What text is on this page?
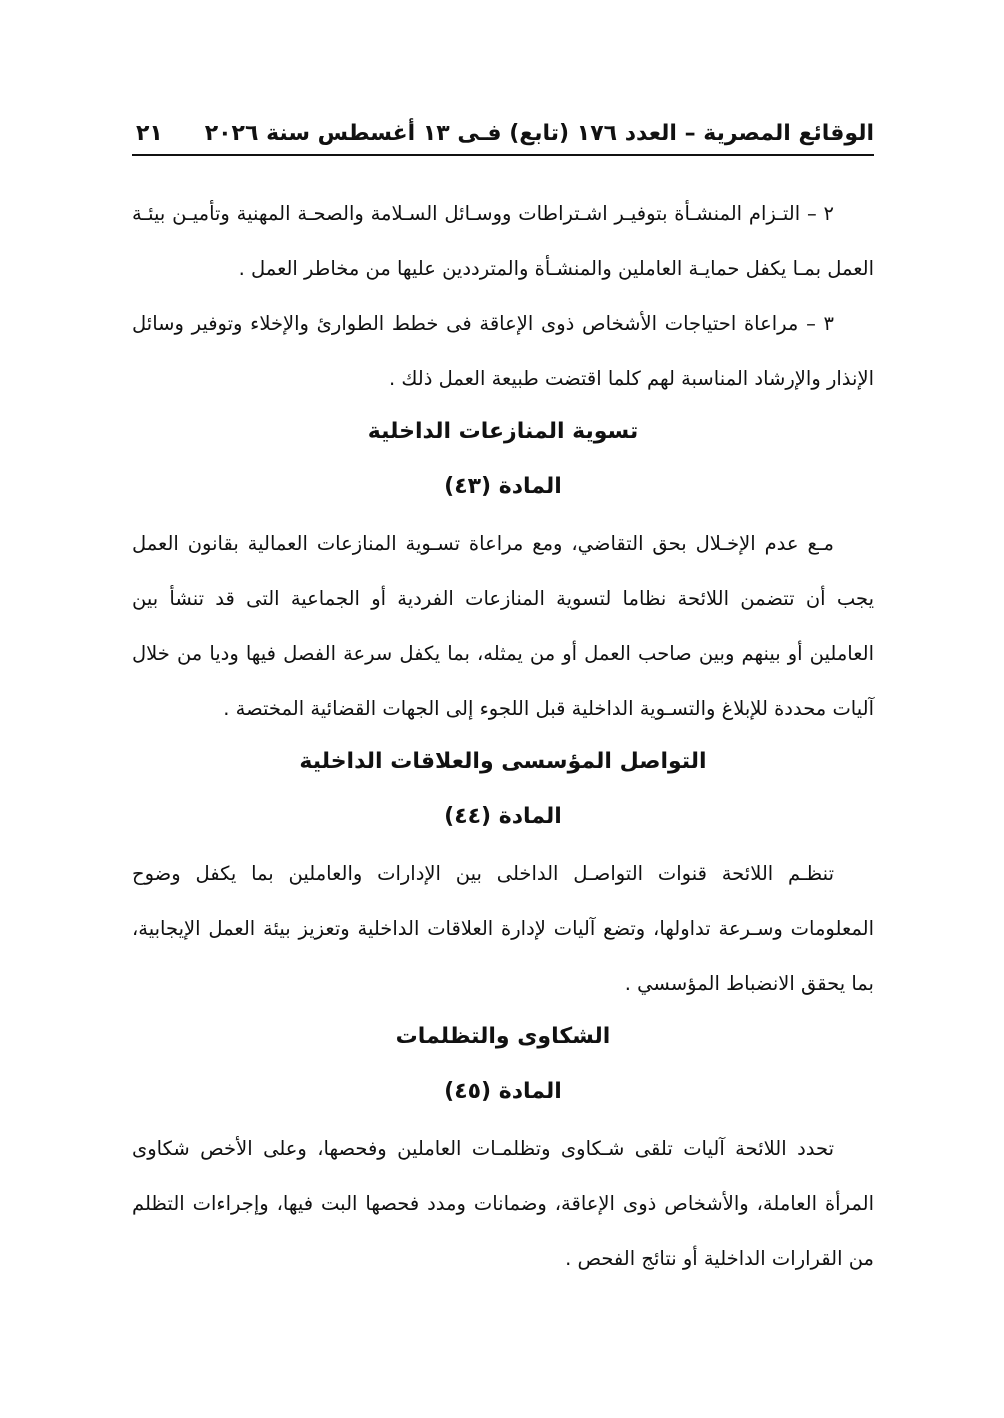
الوقائع المصرية – العدد ١٧٦ (تابع) فـى ١٣ أغسطس سنة ٢٠٢٦
٢١

٢ – التـزام المنشـأة بتوفيـر اشـتراطات ووسـائل السـلامة والصحـة المهنية وتأميـن بيئـة العمل بمـا يكفل حمايـة العاملين والمنشـأة والمترددين عليها من مخاطر العمل .

٣ – مراعاة احتياجات الأشخاص ذوى الإعاقة فى خطط الطوارئ والإخلاء وتوفير وسائل الإنذار والإرشاد المناسبة لهم كلما اقتضت طبيعة العمل ذلك .

تسوية المنازعات الداخلية
المادة (٤٣)

مـع عدم الإخـلال بحق التقاضي، ومع مراعاة تسـوية المنازعات العمالية بقانون العمل يجب أن تتضمن اللائحة نظاما لتسوية المنازعات الفردية أو الجماعية التى قد تنشأ بين العاملين أو بينهم وبين صاحب العمل أو من يمثله، بما يكفل سرعة الفصل فيها وديا من خلال آليات محددة للإبلاغ والتسـوية الداخلية قبل اللجوء إلى الجهات القضائية المختصة .

التواصل المؤسسى والعلاقات الداخلية
المادة (٤٤)

تنظـم اللائحة قنوات التواصـل الداخلى بين الإدارات والعاملين بما يكفل وضوح المعلومات وسـرعة تداولها، وتضع آليات لإدارة العلاقات الداخلية وتعزيز بيئة العمل الإيجابية، بما يحقق الانضباط المؤسسي .

الشكاوى والتظلمات
المادة (٤٥)

تحدد اللائحة آليات تلقى شـكاوى وتظلمـات العاملين وفحصها، وعلى الأخص شكاوى المرأة العاملة، والأشخاص ذوى الإعاقة، وضمانات ومدد فحصها البت فيها، وإجراءات التظلم من القرارات الداخلية أو نتائج الفحص .
